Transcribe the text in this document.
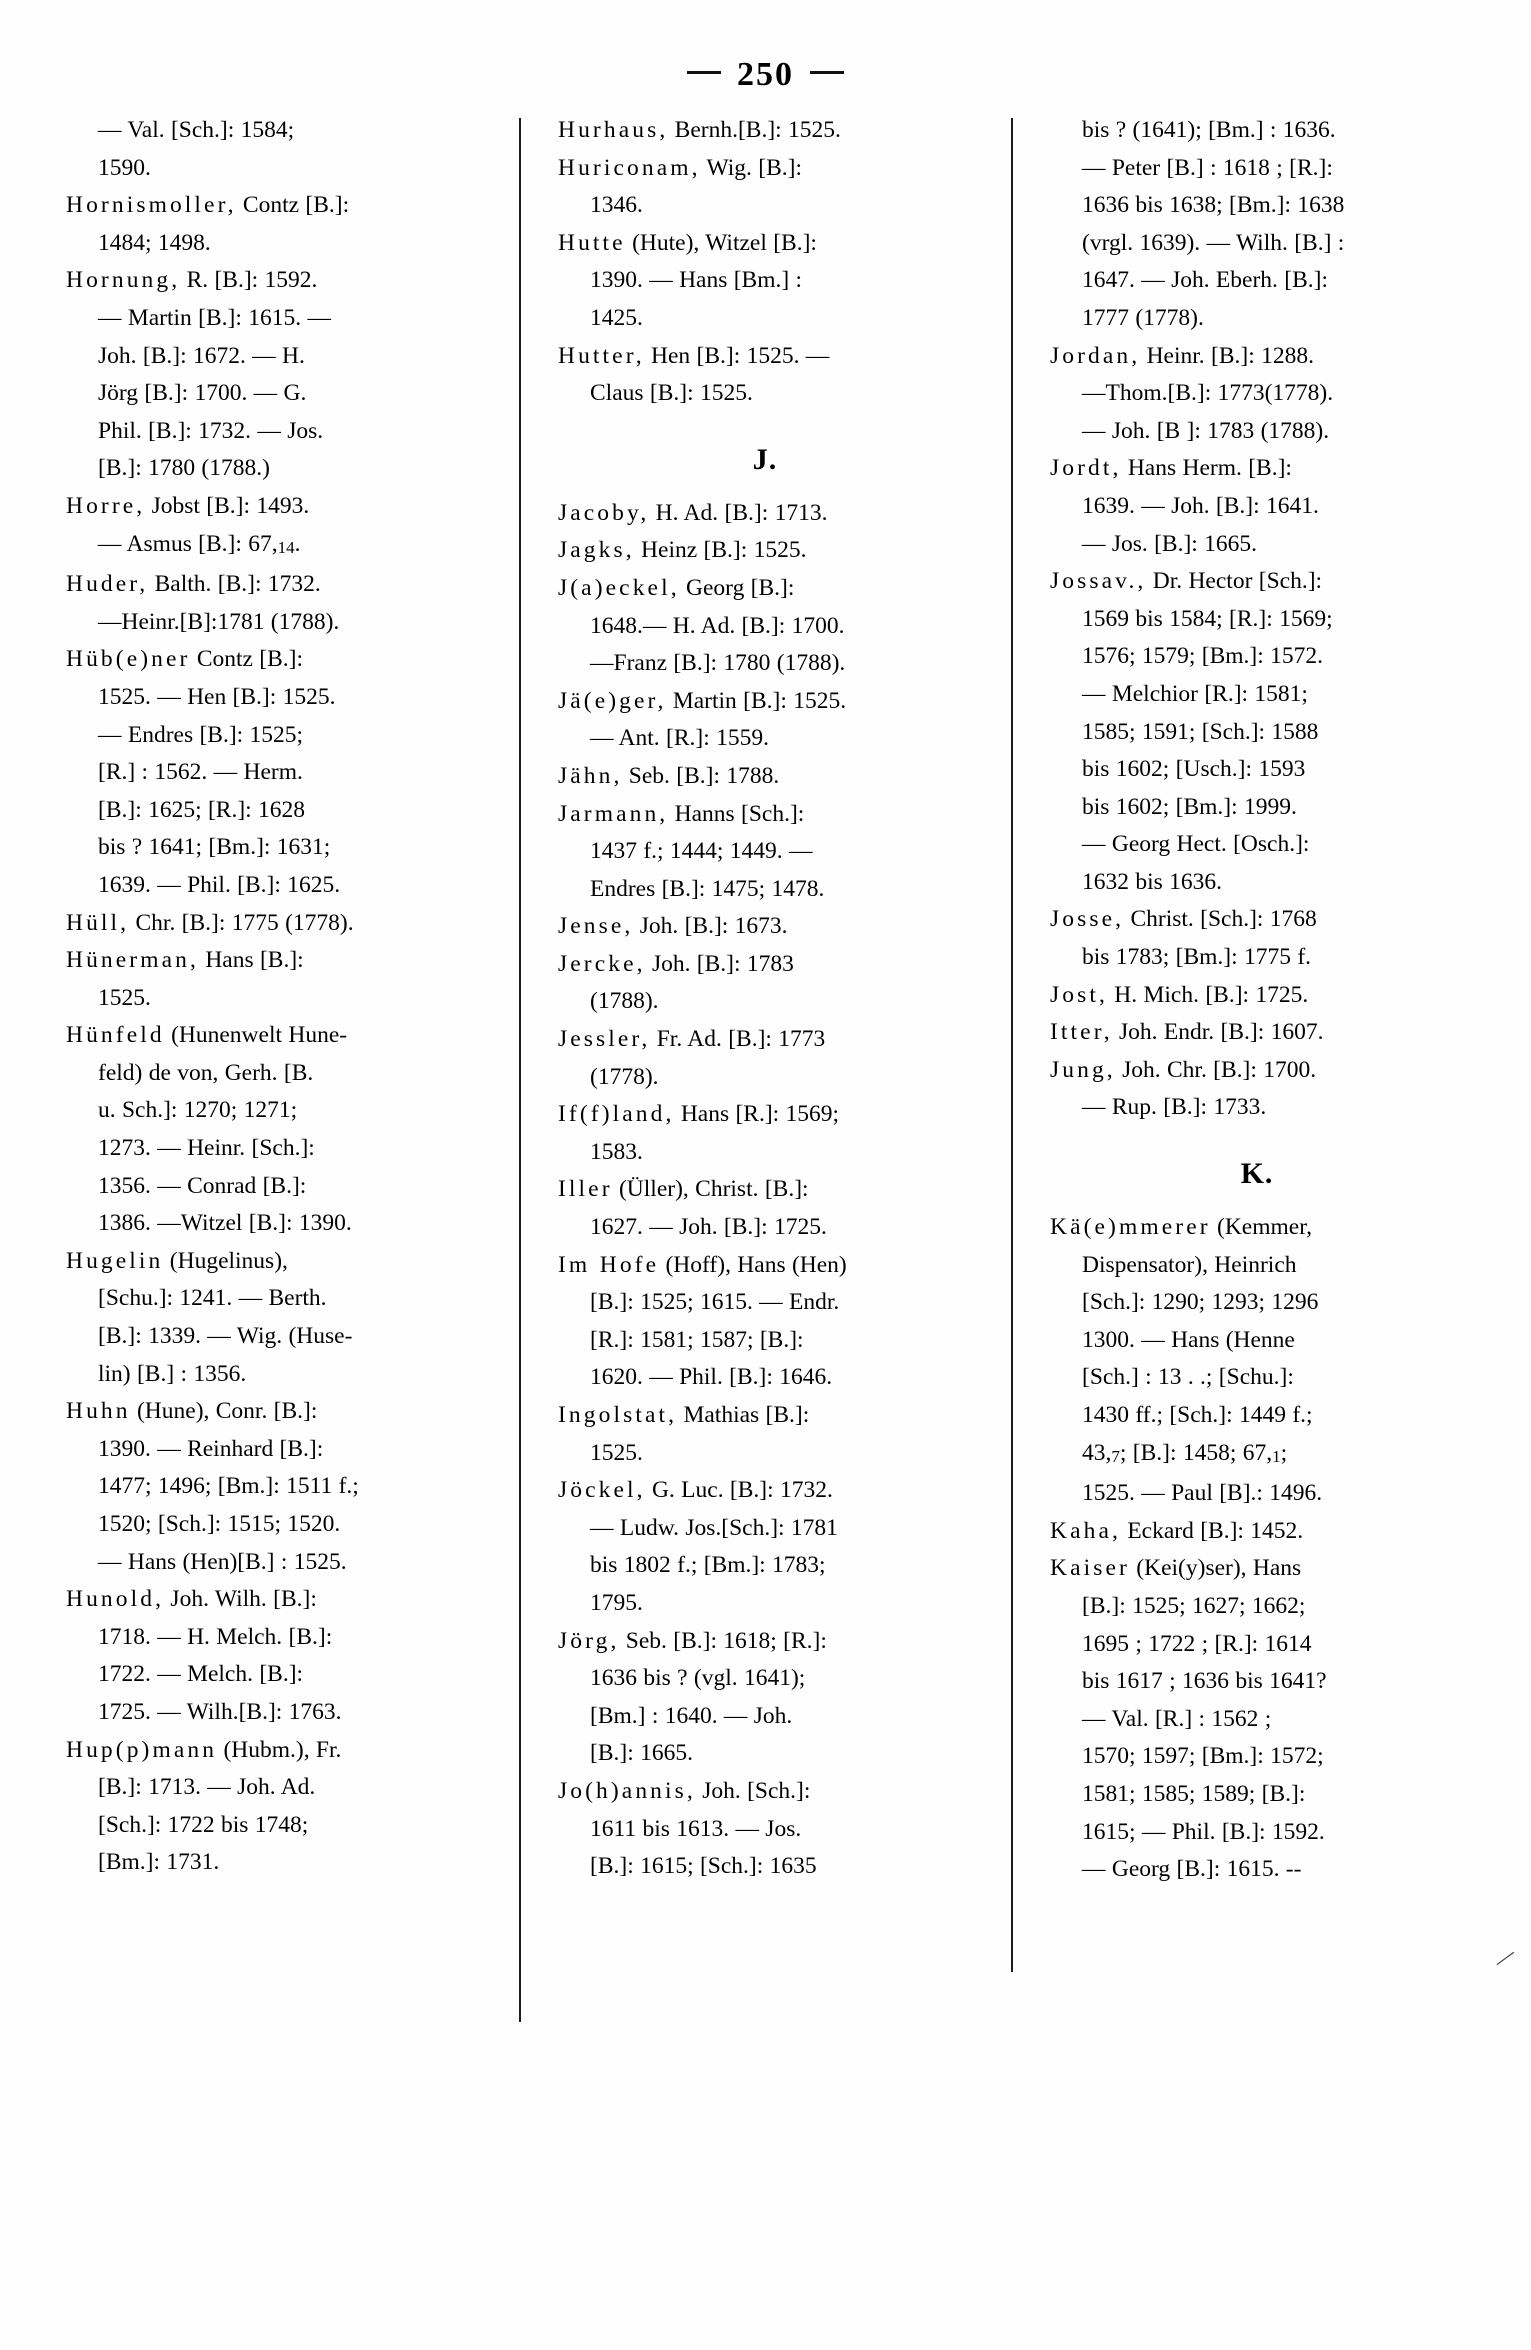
250

— Val. [Sch.]: 1584;
1590.

Hornismoller, Contz [B.]:
1484; 1498.

Hornung, R. [B.]: 1592.
— Martin [B.]: 1615. —
Joh. [B.]: 1672. — H.
Jörg [B.]: 1700. — G.
Phil. [B.]: 1732. — Jos.
[B.]: 1780 (1788.)

Horre, Jobst [B.]: 1493.
— Asmus [B.]: 67,14.

Huder, Balth. [B.]: 1732.
—Heinr.[B]:1781 (1788).

Hüb(e)ner Contz [B.]:
1525. — Hen [B.]: 1525.
— Endres [B.]: 1525;
[R.] : 1562. — Herm.
[B.]: 1625; [R.]: 1628
bis ? 1641; [Bm.]: 1631;
1639. — Phil. [B.]: 1625.

Hüll, Chr. [B.]: 1775 (1778).

Hünerman, Hans [B.]:
1525.

Hünfeld (Hunenwelt Hune-
feld) de von, Gerh. [B.
u. Sch.]: 1270; 1271;
1273. — Heinr. [Sch.]:
1356. — Conrad [B.]:
1386. —Witzel [B.]: 1390.

Hugelin (Hugelinus),
[Schu.]: 1241. — Berth.
[B.]: 1339. — Wig. (Huse-
lin) [B.] : 1356.

Huhn (Hune), Conr. [B.]:
1390. — Reinhard [B.]:
1477; 1496; [Bm.]: 1511 f.;
1520; [Sch.]: 1515; 1520.
— Hans (Hen)[B.] : 1525.

Hunold, Joh. Wilh. [B.]:
1718. — H. Melch. [B.]:
1722. — Melch. [B.]:
1725. — Wilh.[B.]: 1763.

Hup(p)mann (Hubm.), Fr.
[B.]: 1713. — Joh. Ad.
[Sch.]: 1722 bis 1748;
[Bm.]: 1731.

Hurhaus, Bernh.[B.]: 1525.

Huriconam, Wig. [B.]:
1346.

Hutte (Hute), Witzel [B.]:
1390. — Hans [Bm.] :
1425.

Hutter, Hen [B.]: 1525. —
Claus [B.]: 1525.

J.

Jacoby, H. Ad. [B.]: 1713.

Jagks, Heinz [B.]: 1525.

J(a)eckel, Georg [B.]:
1648.— H. Ad. [B.]: 1700.
—Franz [B.]: 1780 (1788).

Jä(e)ger, Martin [B.]: 1525.
— Ant. [R.]: 1559.

Jähn, Seb. [B.]: 1788.

Jarmann, Hanns [Sch.]:
1437 f.; 1444; 1449. —
Endres [B.]: 1475; 1478.

Jense, Joh. [B.]: 1673.

Jercke, Joh. [B.]: 1783
(1788).

Jessler, Fr. Ad. [B.]: 1773
(1778).

If(f)land, Hans [R.]: 1569;
1583.

Iller (Üller), Christ. [B.]:
1627. — Joh. [B.]: 1725.

Im Hofe (Hoff), Hans (Hen)
[B.]: 1525; 1615. — Endr.
[R.]: 1581; 1587; [B.]:
1620. — Phil. [B.]: 1646.

Ingolstat, Mathias [B.]:
1525.

Jöckel, G. Luc. [B.]: 1732.
— Ludw. Jos.[Sch.]: 1781
bis 1802 f.; [Bm.]: 1783;
1795.

Jörg, Seb. [B.]: 1618; [R.]:
1636 bis ? (vgl. 1641);
[Bm.] : 1640. — Joh.
[B.]: 1665.

Jo(h)annis, Joh. [Sch.]:
1611 bis 1613. — Jos.
[B.]: 1615; [Sch.]: 1635

bis ? (1641); [Bm.] : 1636.
— Peter [B.] : 1618 ; [R.]:
1636 bis 1638; [Bm.]: 1638
(vrgl. 1639). — Wilh. [B.] :
1647. — Joh. Eberh. [B.]:
1777 (1778).

Jordan, Heinr. [B.]: 1288.
—Thom.[B.]: 1773(1778).
— Joh. [B ]: 1783 (1788).

Jordt, Hans Herm. [B.]:
1639. — Joh. [B.]: 1641.
— Jos. [B.]: 1665.

Jossav., Dr. Hector [Sch.]:
1569 bis 1584; [R.]: 1569;
1576; 1579; [Bm.]: 1572.
— Melchior [R.]: 1581;
1585; 1591; [Sch.]: 1588
bis 1602; [Usch.]: 1593
bis 1602; [Bm.]: 1999.
— Georg Hect. [Osch.]:
1632 bis 1636.

Josse, Christ. [Sch.]: 1768
bis 1783; [Bm.]: 1775 f.

Jost, H. Mich. [B.]: 1725.

Itter, Joh. Endr. [B.]: 1607.

Jung, Joh. Chr. [B.]: 1700.
— Rup. [B.]: 1733.

K.

Kä(e)mmerer (Kemmer,
Dispensator), Heinrich
[Sch.]: 1290; 1293; 1296
1300. — Hans (Henne
[Sch.] : 13 . .; [Schu.]:
1430 ff.; [Sch.]: 1449 f.;
43,7; [B.]: 1458; 67,1;
1525. — Paul [B].: 1496.

Kaha, Eckard [B.]: 1452.

Kaiser (Kei(y)ser), Hans
[B.]: 1525; 1627; 1662;
1695 ; 1722 ; [R.]: 1614
bis 1617 ; 1636 bis 1641?
— Val. [R.] : 1562 ;
1570; 1597; [Bm.]: 1572;
1581; 1585; 1589; [B.]:
1615; — Phil. [B.]: 1592.
— Georg [B.]: 1615. --

⁄
